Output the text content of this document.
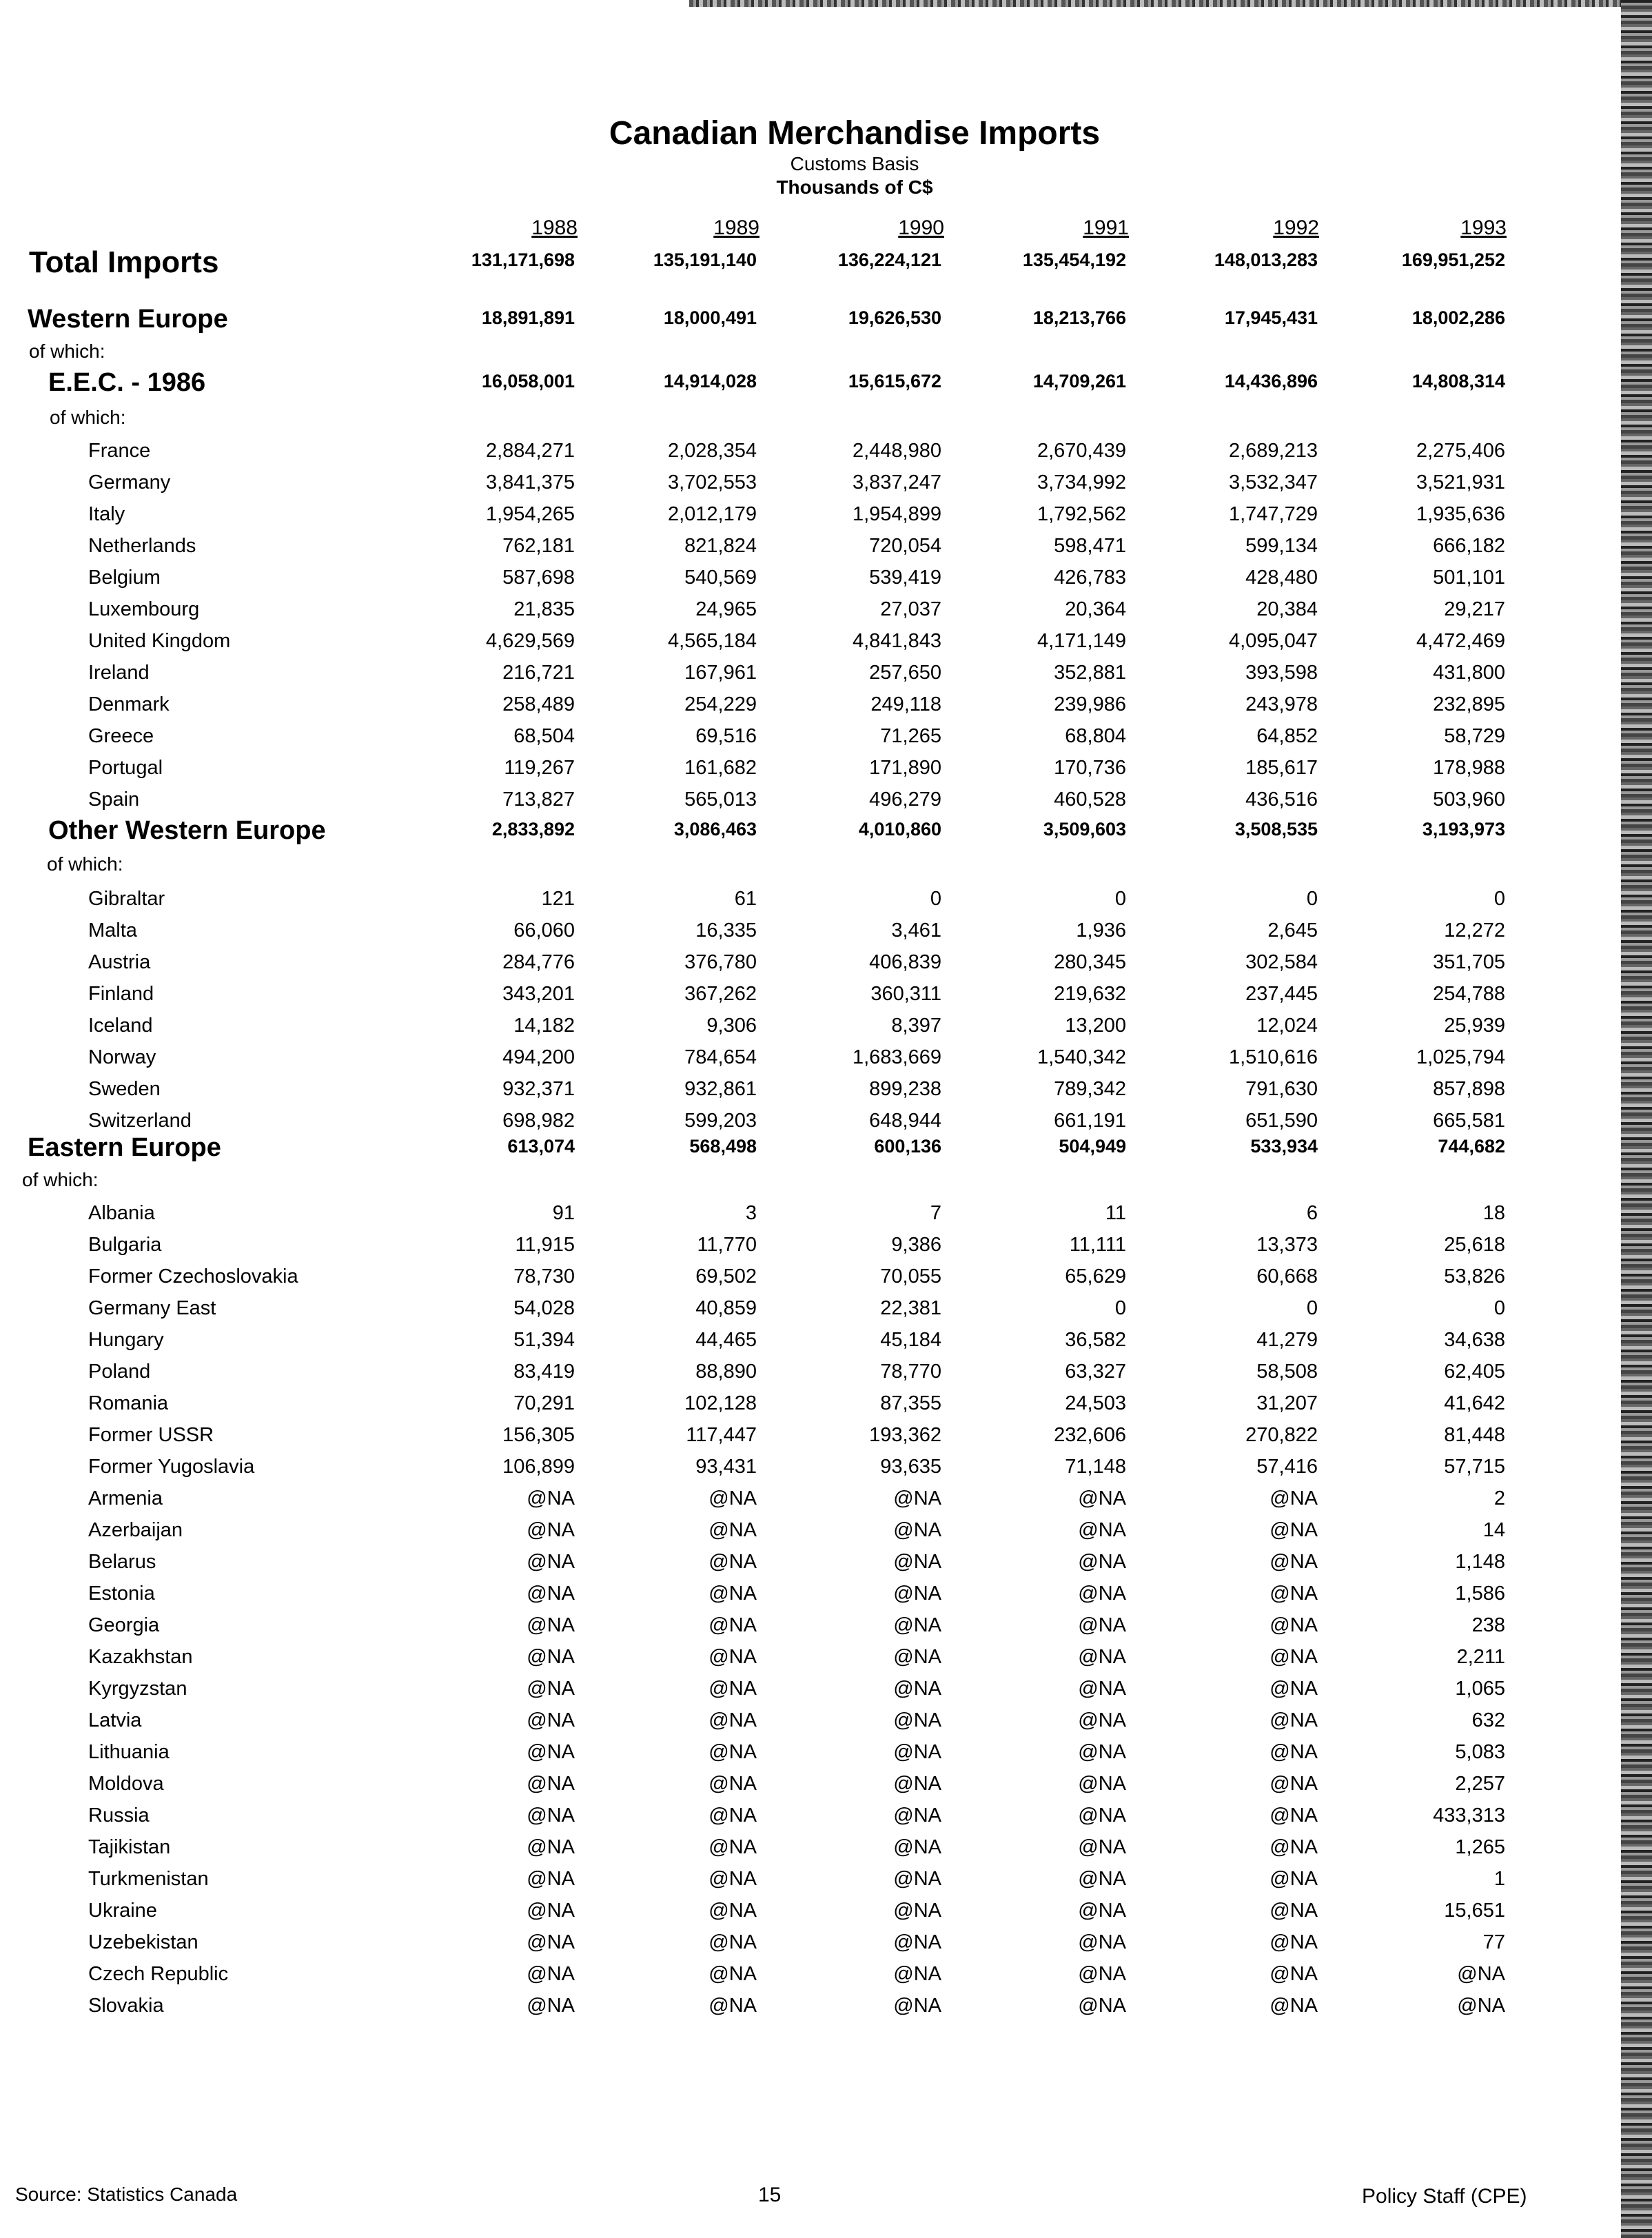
Canadian Merchandise Imports
Customs Basis
Thousands of C$
1988	1989	1990	1991	1992	1993
Total Imports	131,171,698	135,191,140	136,224,121	135,454,192	148,013,283	169,951,252
Western Europe	18,891,891	18,000,491	19,626,530	18,213,766	17,945,431	18,002,286
of which:
E.E.C. - 1986	16,058,001	14,914,028	15,615,672	14,709,261	14,436,896	14,808,314
of which:
France	2,884,271	2,028,354	2,448,980	2,670,439	2,689,213	2,275,406
Germany	3,841,375	3,702,553	3,837,247	3,734,992	3,532,347	3,521,931
Italy	1,954,265	2,012,179	1,954,899	1,792,562	1,747,729	1,935,636
Netherlands	762,181	821,824	720,054	598,471	599,134	666,182
Belgium	587,698	540,569	539,419	426,783	428,480	501,101
Luxembourg	21,835	24,965	27,037	20,364	20,384	29,217
United Kingdom	4,629,569	4,565,184	4,841,843	4,171,149	4,095,047	4,472,469
Ireland	216,721	167,961	257,650	352,881	393,598	431,800
Denmark	258,489	254,229	249,118	239,986	243,978	232,895
Greece	68,504	69,516	71,265	68,804	64,852	58,729
Portugal	119,267	161,682	171,890	170,736	185,617	178,988
Spain	713,827	565,013	496,279	460,528	436,516	503,960
Other Western Europe	2,833,892	3,086,463	4,010,860	3,509,603	3,508,535	3,193,973
of which:
Gibraltar	121	61	0	0	0	0
Malta	66,060	16,335	3,461	1,936	2,645	12,272
Austria	284,776	376,780	406,839	280,345	302,584	351,705
Finland	343,201	367,262	360,311	219,632	237,445	254,788
Iceland	14,182	9,306	8,397	13,200	12,024	25,939
Norway	494,200	784,654	1,683,669	1,540,342	1,510,616	1,025,794
Sweden	932,371	932,861	899,238	789,342	791,630	857,898
Switzerland	698,982	599,203	648,944	661,191	651,590	665,581
Eastern Europe	613,074	568,498	600,136	504,949	533,934	744,682
of which:
Albania	91	3	7	11	6	18
Bulgaria	11,915	11,770	9,386	11,111	13,373	25,618
Former Czechoslovakia	78,730	69,502	70,055	65,629	60,668	53,826
Germany East	54,028	40,859	22,381	0	0	0
Hungary	51,394	44,465	45,184	36,582	41,279	34,638
Poland	83,419	88,890	78,770	63,327	58,508	62,405
Romania	70,291	102,128	87,355	24,503	31,207	41,642
Former USSR	156,305	117,447	193,362	232,606	270,822	81,448
Former Yugoslavia	106,899	93,431	93,635	71,148	57,416	57,715
Armenia	@NA	@NA	@NA	@NA	@NA	2
Azerbaijan	@NA	@NA	@NA	@NA	@NA	14
Belarus	@NA	@NA	@NA	@NA	@NA	1,148
Estonia	@NA	@NA	@NA	@NA	@NA	1,586
Georgia	@NA	@NA	@NA	@NA	@NA	238
Kazakhstan	@NA	@NA	@NA	@NA	@NA	2,211
Kyrgyzstan	@NA	@NA	@NA	@NA	@NA	1,065
Latvia	@NA	@NA	@NA	@NA	@NA	632
Lithuania	@NA	@NA	@NA	@NA	@NA	5,083
Moldova	@NA	@NA	@NA	@NA	@NA	2,257
Russia	@NA	@NA	@NA	@NA	@NA	433,313
Tajikistan	@NA	@NA	@NA	@NA	@NA	1,265
Turkmenistan	@NA	@NA	@NA	@NA	@NA	1
Ukraine	@NA	@NA	@NA	@NA	@NA	15,651
Uzebekistan	@NA	@NA	@NA	@NA	@NA	77
Czech Republic	@NA	@NA	@NA	@NA	@NA	@NA
Slovakia	@NA	@NA	@NA	@NA	@NA	@NA
Source: Statistics Canada	15	Policy Staff (CPE)
